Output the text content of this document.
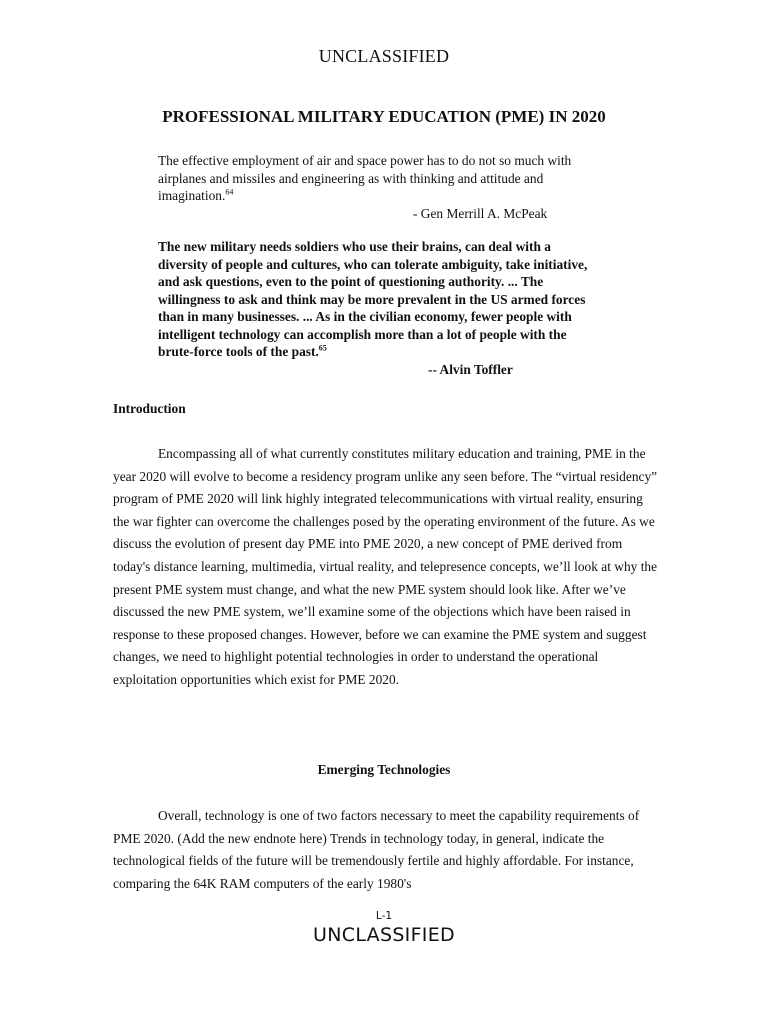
UNCLASSIFIED
PROFESSIONAL MILITARY EDUCATION (PME) IN 2020
The effective employment of air and space power has to do not so much with airplanes and missiles and engineering as with thinking and attitude and imagination.$^{64}$
- Gen Merrill A. McPeak
The new military needs soldiers who use their brains, can deal with a diversity of people and cultures, who can tolerate ambiguity, take initiative, and ask questions, even to the point of questioning authority. ... The willingness to ask and think may be more prevalent in the US armed forces than in many businesses. ... As in the civilian economy, fewer people with intelligent technology can accomplish more than a lot of people with the brute-force tools of the past.$^{65}$
-- Alvin Toffler
Introduction

Encompassing all of what currently constitutes military education and training, PME in the year 2020 will evolve to become a residency program unlike any seen before. The “virtual residency” program of PME 2020 will link highly integrated telecommunications with virtual reality, ensuring the war fighter can overcome the challenges posed by the operating environment of the future. As we discuss the evolution of present day PME into PME 2020, a new concept of PME derived from today's distance learning, multimedia, virtual reality, and telepresence concepts, we’ll look at why the present PME system must change, and what the new PME system should look like. After we’ve discussed the new PME system, we’ll examine some of the objections which have been raised in response to these proposed changes. However, before we can examine the PME system and suggest changes, we need to highlight potential technologies in order to understand the operational exploitation opportunities which exist for PME 2020.

Emerging Technologies

Overall, technology is one of two factors necessary to meet the capability requirements of PME 2020. (Add the new endnote here) Trends in technology today, in general, indicate the technological fields of the future will be tremendously fertile and highly affordable. For instance, comparing the 64K RAM computers of the early 1980's

L-1
UNCLASSIFIED
